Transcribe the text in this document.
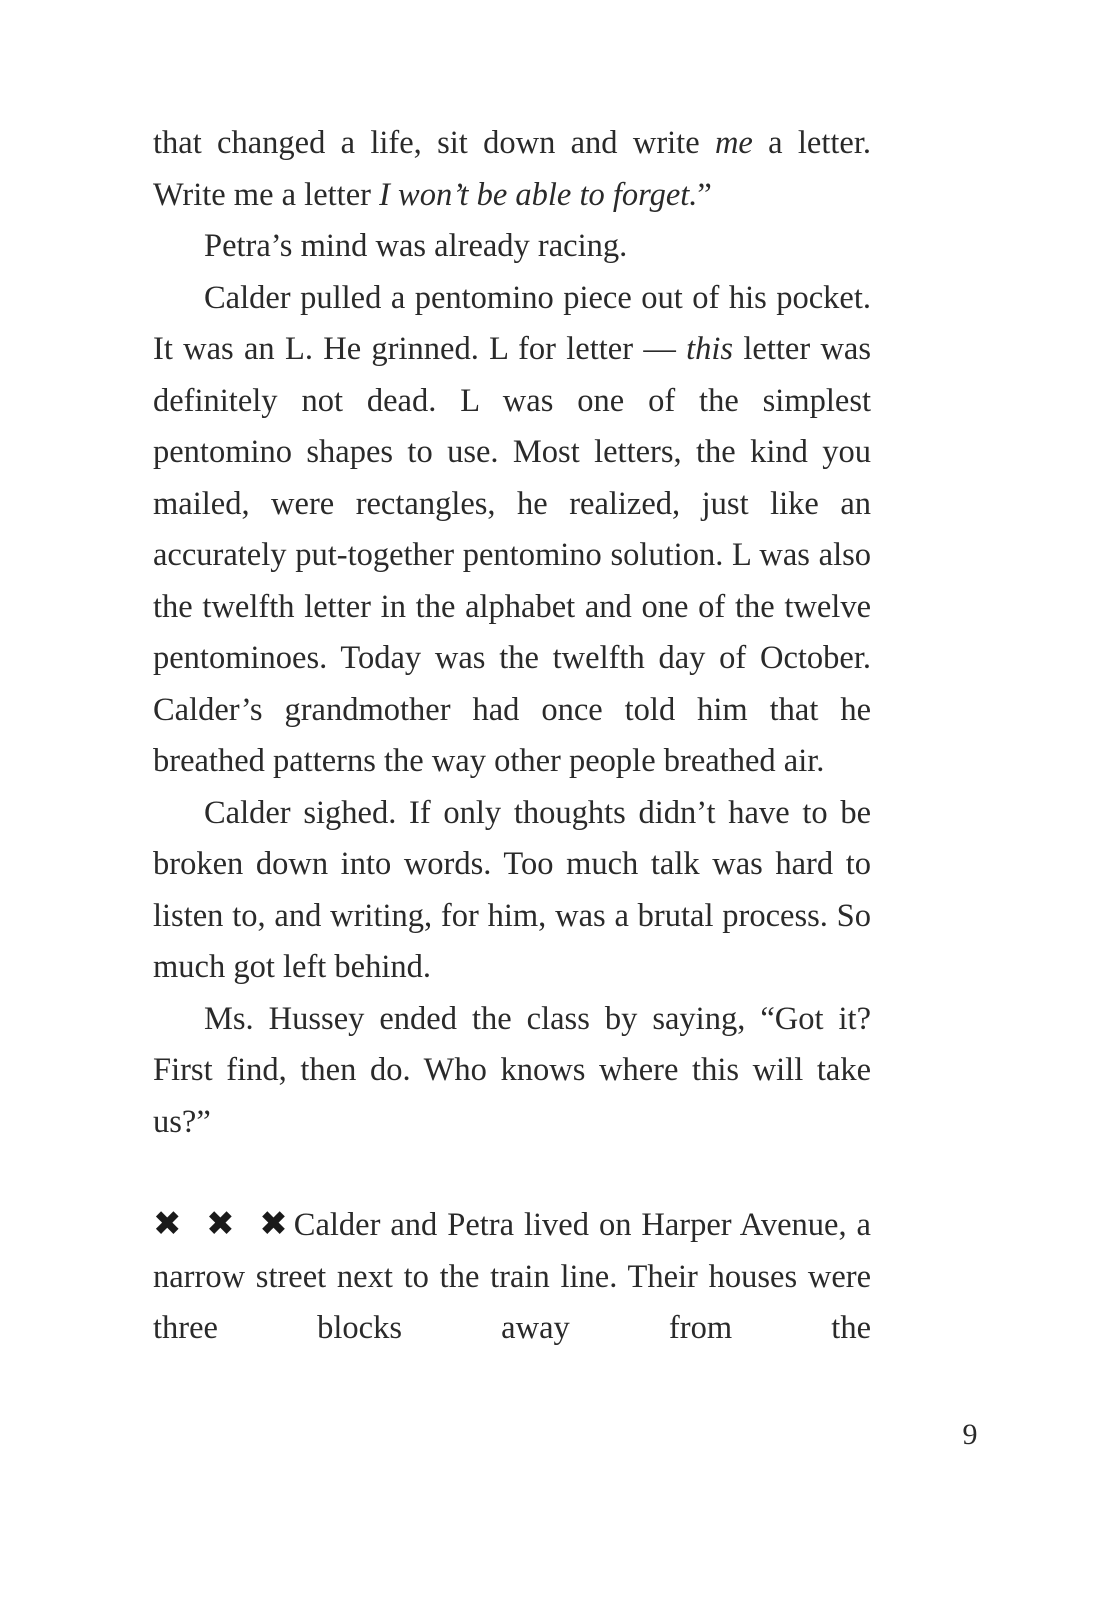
that changed a life, sit down and write me a letter. Write me a letter I won’t be able to forget.”

Petra’s mind was already racing.

Calder pulled a pentomino piece out of his pocket. It was an L. He grinned. L for letter — this letter was definitely not dead. L was one of the simplest pentomino shapes to use. Most letters, the kind you mailed, were rectangles, he realized, just like an accurately put-together pentomino solution. L was also the twelfth letter in the alphabet and one of the twelve pentominoes. Today was the twelfth day of October. Calder’s grandmother had once told him that he breathed patterns the way other people breathed air.

Calder sighed. If only thoughts didn’t have to be broken down into words. Too much talk was hard to listen to, and writing, for him, was a brutal process. So much got left behind.

Ms. Hussey ended the class by saying, “Got it? First find, then do. Who knows where this will take us?”

✖ ✖ ✖Calder and Petra lived on Harper Avenue, a narrow street next to the train line. Their houses were three blocks away from the

9
